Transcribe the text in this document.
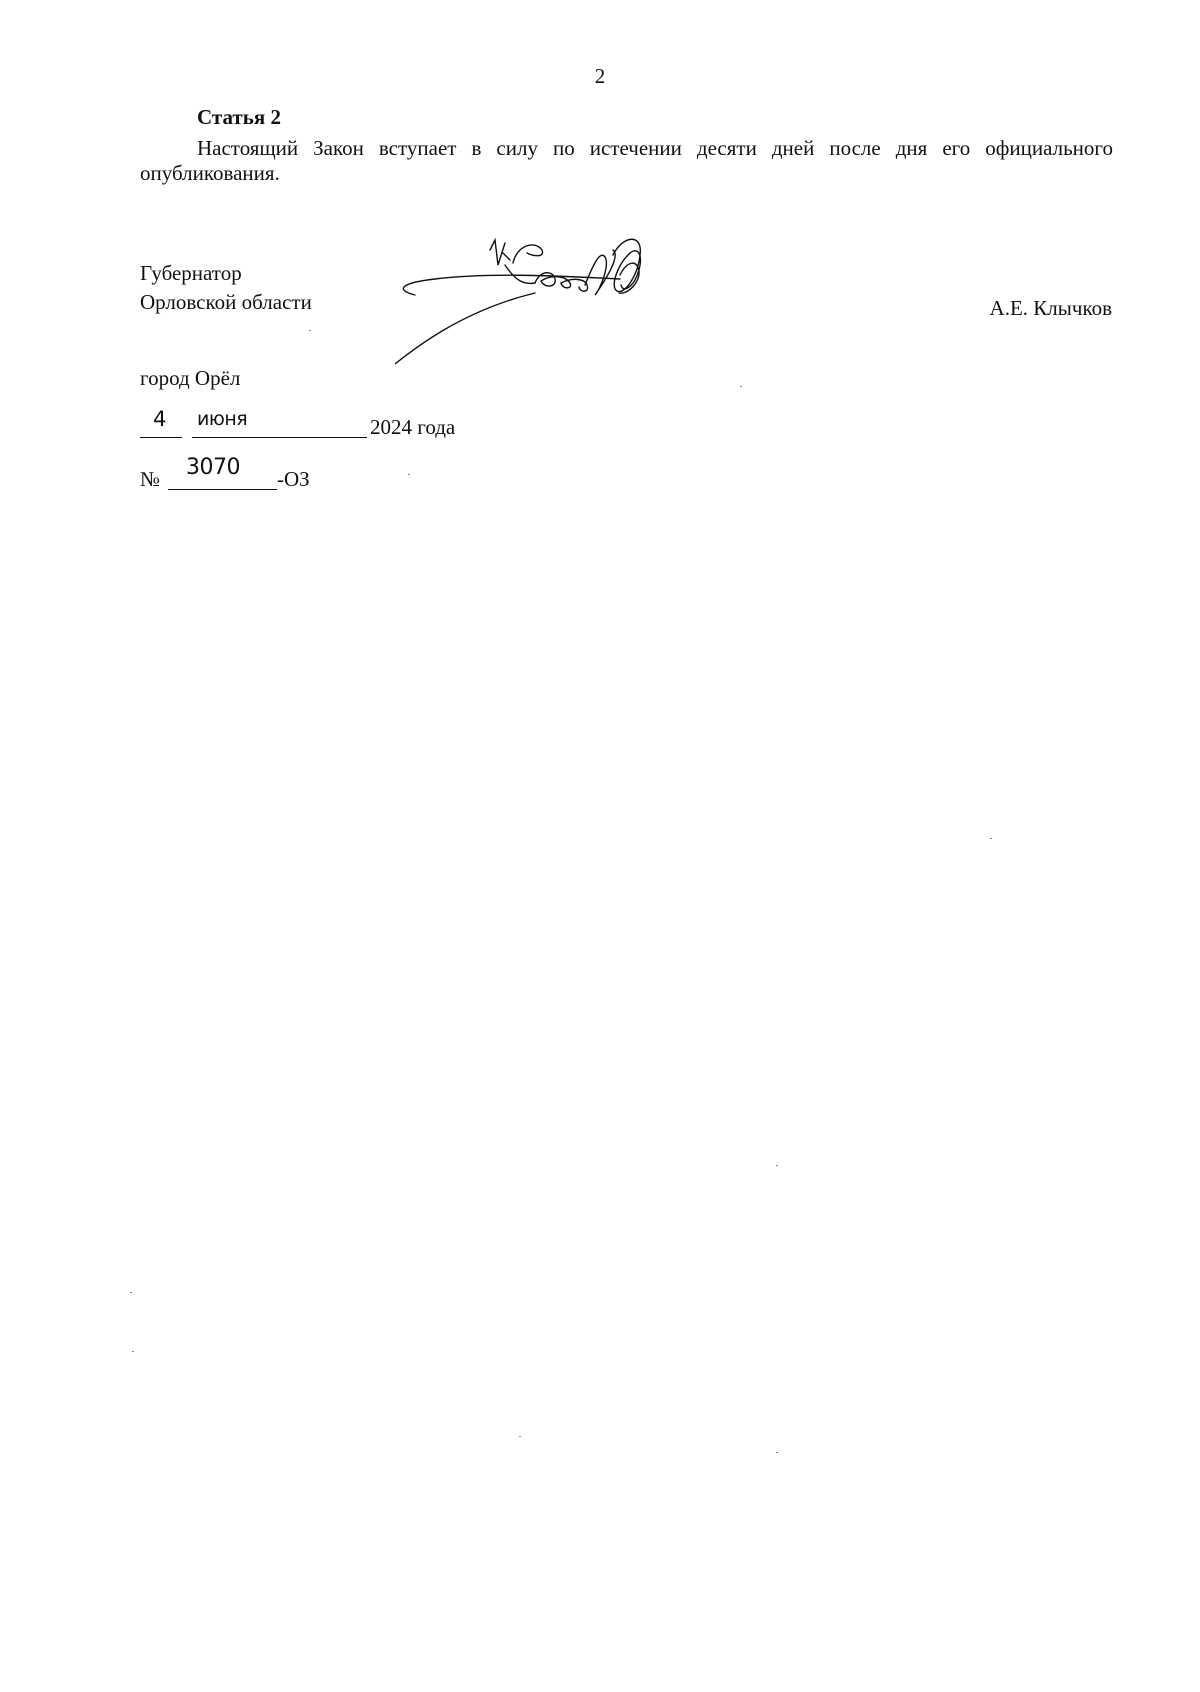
2
Статья 2
Настоящий Закон вступает в силу по истечении десяти дней после дня его официального опубликования.
Губернатор
Орловской области	А.Е. Клычков
город Орёл
4 июня	2024 года
№ 3070 -ОЗ
